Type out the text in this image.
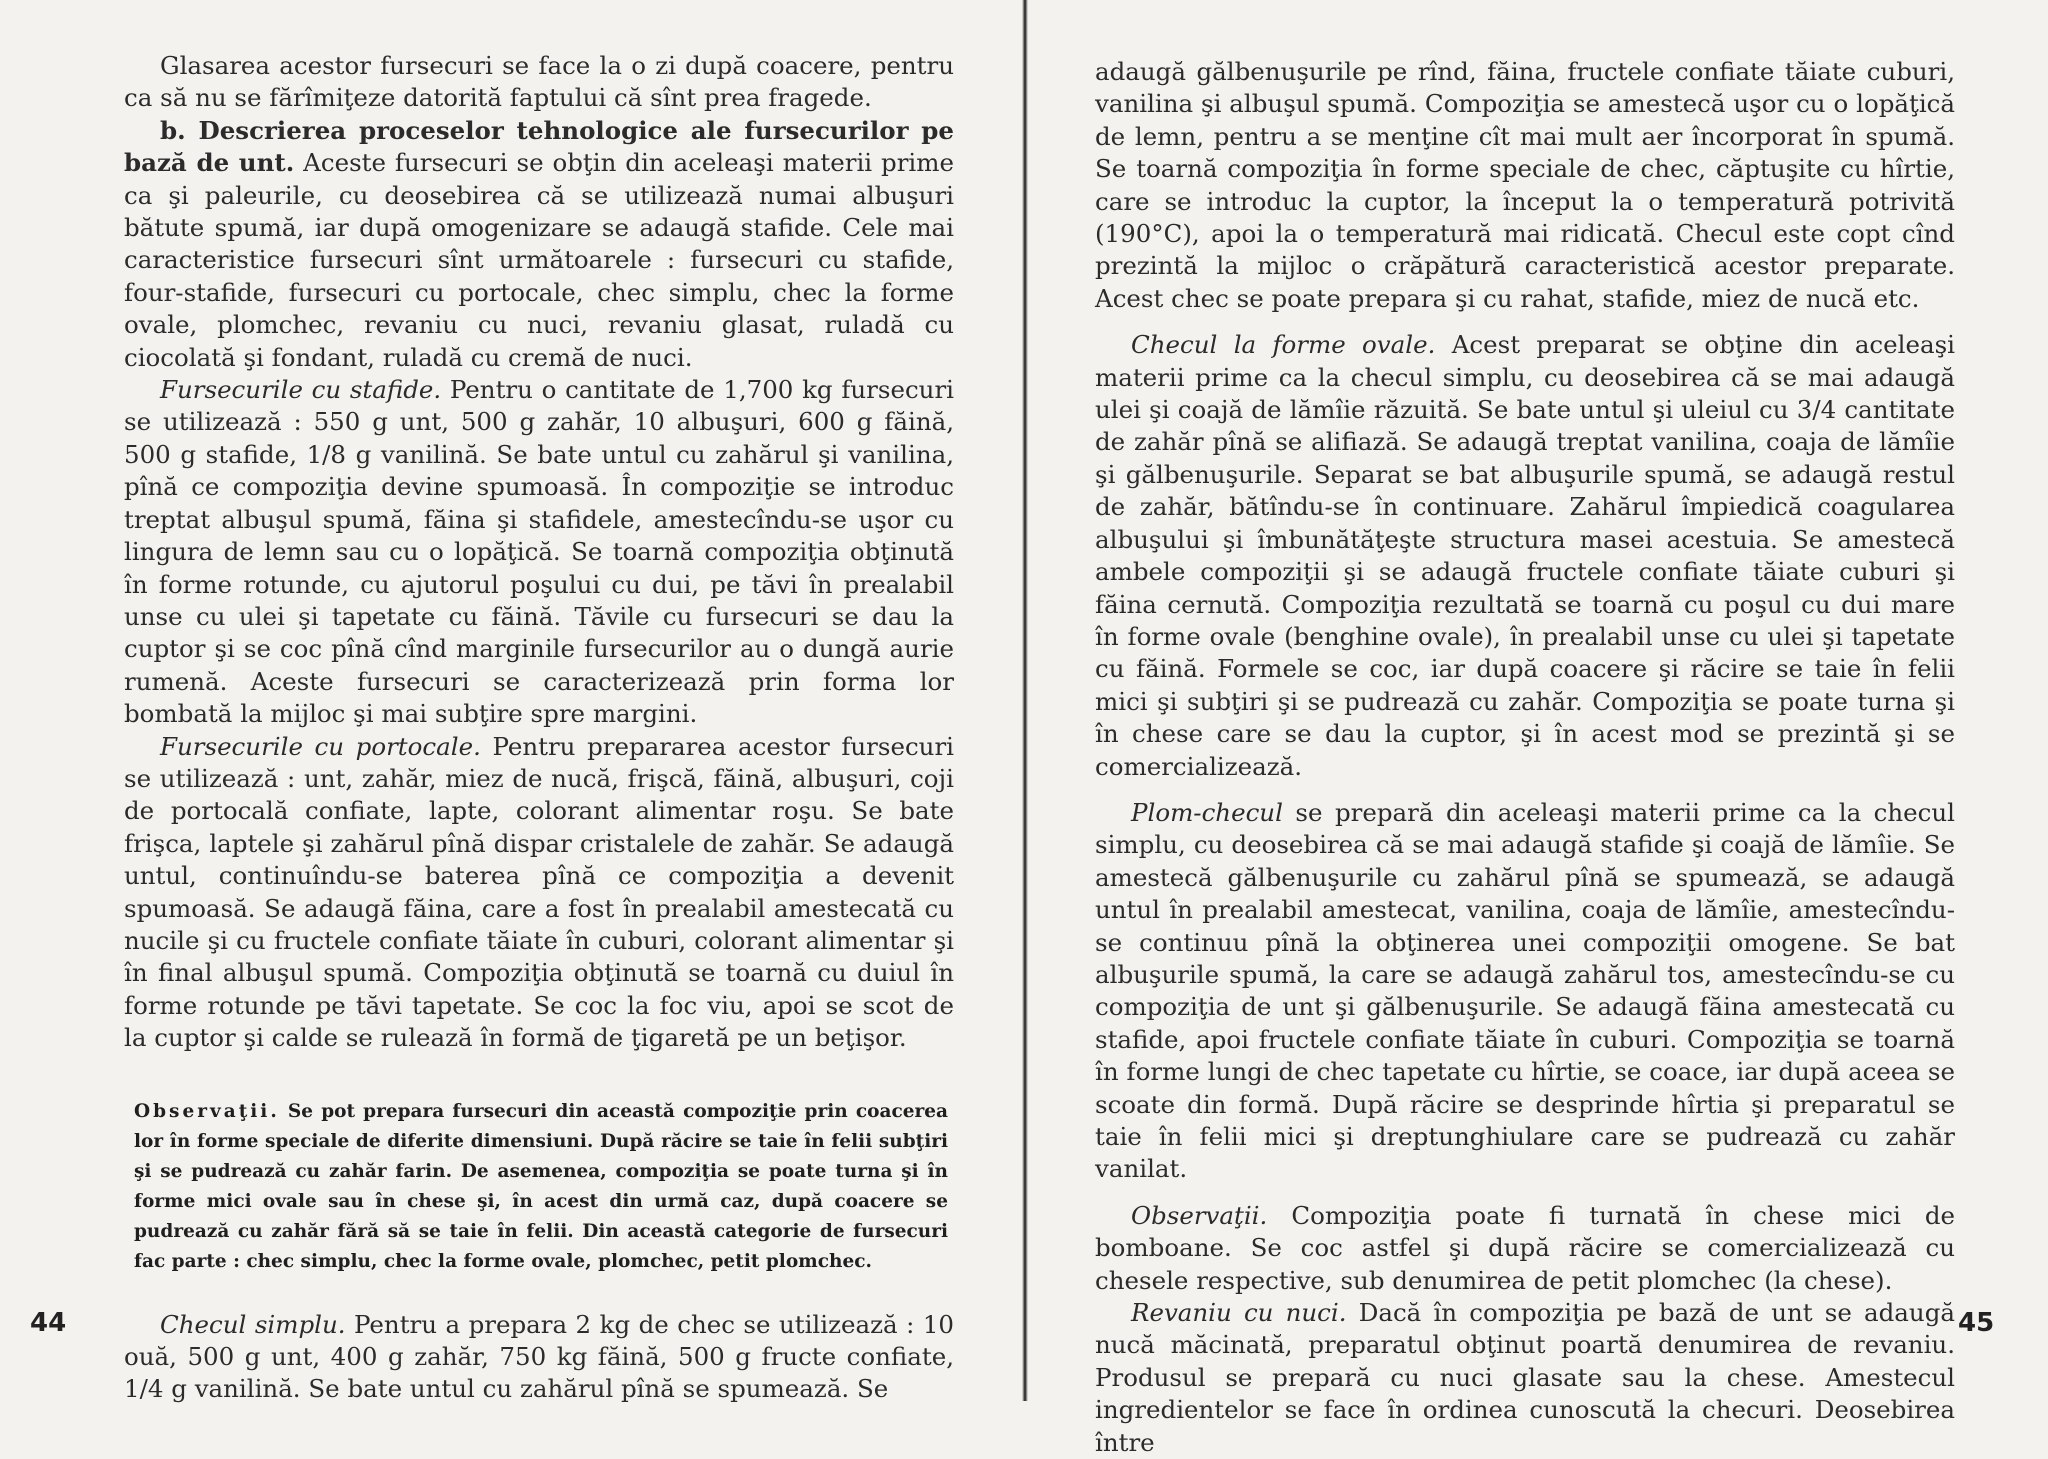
Glasarea acestor fursecuri se face la o zi după coacere, pentru ca să nu se fărîmiţeze datorită faptului că sînt prea fragede.

b. Descrierea proceselor tehnologice ale fursecurilor pe bază de unt. Aceste fursecuri se obţin din aceleaşi materii prime ca şi paleurile, cu deosebirea că se utilizează numai albuşuri bătute spumă, iar după omogenizare se adaugă stafide. Cele mai caracteristice fursecuri sînt următoarele : fursecuri cu stafide, four-stafide, fursecuri cu portocale, chec simplu, chec la forme ovale, plomchec, revaniu cu nuci, revaniu glasat, ruladă cu ciocolată şi fondant, ruladă cu cremă de nuci.

Fursecurile cu stafide. Pentru o cantitate de 1,700 kg fursecuri se utilizează : 550 g unt, 500 g zahăr, 10 albuşuri, 600 g făină, 500 g stafide, 1/8 g vanilină. Se bate untul cu zahărul şi vanilina, pînă ce compoziţia devine spumoasă. În compoziţie se introduc treptat albuşul spumă, făina şi stafidele, amestecîndu-se uşor cu lingura de lemn sau cu o lopăţică. Se toarnă compoziţia obţinută în forme rotunde, cu ajutorul poşului cu dui, pe tăvi în prealabil unse cu ulei şi tapetate cu făină. Tăvile cu fursecuri se dau la cuptor şi se coc pînă cînd marginile fursecurilor au o dungă aurie rumenă. Aceste fursecuri se caracterizează prin forma lor bombată la mijloc şi mai subţire spre margini.

Fursecurile cu portocale. Pentru prepararea acestor fursecuri se utilizează : unt, zahăr, miez de nucă, frişcă, făină, albuşuri, coji de portocală confiate, lapte, colorant alimentar roşu. Se bate frişca, laptele şi zahărul pînă dispar cristalele de zahăr. Se adaugă untul, continuîndu-se baterea pînă ce compoziţia a devenit spumoasă. Se adaugă făina, care a fost în prealabil amestecată cu nucile şi cu fructele confiate tăiate în cuburi, colorant alimentar şi în final albuşul spumă. Compoziţia obţinută se toarnă cu duiul în forme rotunde pe tăvi tapetate. Se coc la foc viu, apoi se scot de la cuptor şi calde se rulează în formă de ţigaretă pe un beţişor.

Observaţii. Se pot prepara fursecuri din această compoziţie prin coacerea lor în forme speciale de diferite dimensiuni. După răcire se taie în felii subţiri şi se pudrează cu zahăr farin. De asemenea, compoziţia se poate turna şi în forme mici ovale sau în chese şi, în acest din urmă caz, după coacere se pudrează cu zahăr fără să se taie în felii. Din această categorie de fursecuri fac parte : chec simplu, chec la forme ovale, plomchec, petit plomchec.

Checul simplu. Pentru a prepara 2 kg de chec se utilizează : 10 ouă, 500 g unt, 400 g zahăr, 750 kg făină, 500 g fructe confiate, 1/4 g vanilină. Se bate untul cu zahărul pînă se spumează. Se

adaugă gălbenuşurile pe rînd, făina, fructele confiate tăiate cuburi, vanilina şi albuşul spumă. Compoziţia se amestecă uşor cu o lopăţică de lemn, pentru a se menţine cît mai mult aer încorporat în spumă. Se toarnă compoziţia în forme speciale de chec, căptuşite cu hîrtie, care se introduc la cuptor, la început la o temperatură potrivită (190°C), apoi la o temperatură mai ridicată. Checul este copt cînd prezintă la mijloc o crăpătură caracteristică acestor preparate. Acest chec se poate prepara şi cu rahat, stafide, miez de nucă etc.

Checul la forme ovale. Acest preparat se obţine din aceleaşi materii prime ca la checul simplu, cu deosebirea că se mai adaugă ulei şi coajă de lămîie răzuită. Se bate untul şi uleiul cu 3/4 cantitate de zahăr pînă se alifiază. Se adaugă treptat vanilina, coaja de lămîie şi gălbenuşurile. Separat se bat albuşurile spumă, se adaugă restul de zahăr, bătîndu-se în continuare. Zahărul împiedică coagularea albuşului şi îmbunătăţeşte structura masei acestuia. Se amestecă ambele compoziţii şi se adaugă fructele confiate tăiate cuburi şi făina cernută. Compoziţia rezultată se toarnă cu poşul cu dui mare în forme ovale (benghine ovale), în prealabil unse cu ulei şi tapetate cu făină. Formele se coc, iar după coacere şi răcire se taie în felii mici şi subţiri şi se pudrează cu zahăr. Compoziţia se poate turna şi în chese care se dau la cuptor, şi în acest mod se prezintă şi se comercializează.

Plom-checul se prepară din aceleaşi materii prime ca la checul simplu, cu deosebirea că se mai adaugă stafide şi coajă de lămîie. Se amestecă gălbenuşurile cu zahărul pînă se spumează, se adaugă untul în prealabil amestecat, vanilina, coaja de lămîie, amestecîndu-se continuu pînă la obţinerea unei compoziţii omogene. Se bat albuşurile spumă, la care se adaugă zahărul tos, amestecîndu-se cu compoziţia de unt şi gălbenuşurile. Se adaugă făina amestecată cu stafide, apoi fructele confiate tăiate în cuburi. Compoziţia se toarnă în forme lungi de chec tapetate cu hîrtie, se coace, iar după aceea se scoate din formă. După răcire se desprinde hîrtia şi preparatul se taie în felii mici şi dreptunghiulare care se pudrează cu zahăr vanilat.

Observaţii. Compoziţia poate fi turnată în chese mici de bomboane. Se coc astfel şi după răcire se comercializează cu chesele respective, sub denumirea de petit plomchec (la chese).

Revaniu cu nuci. Dacă în compoziţia pe bază de unt se adaugă nucă măcinată, preparatul obţinut poartă denumirea de revaniu. Produsul se prepară cu nuci glasate sau la chese. Amestecul ingredientelor se face în ordinea cunoscută la checuri. Deosebirea între

44	45
